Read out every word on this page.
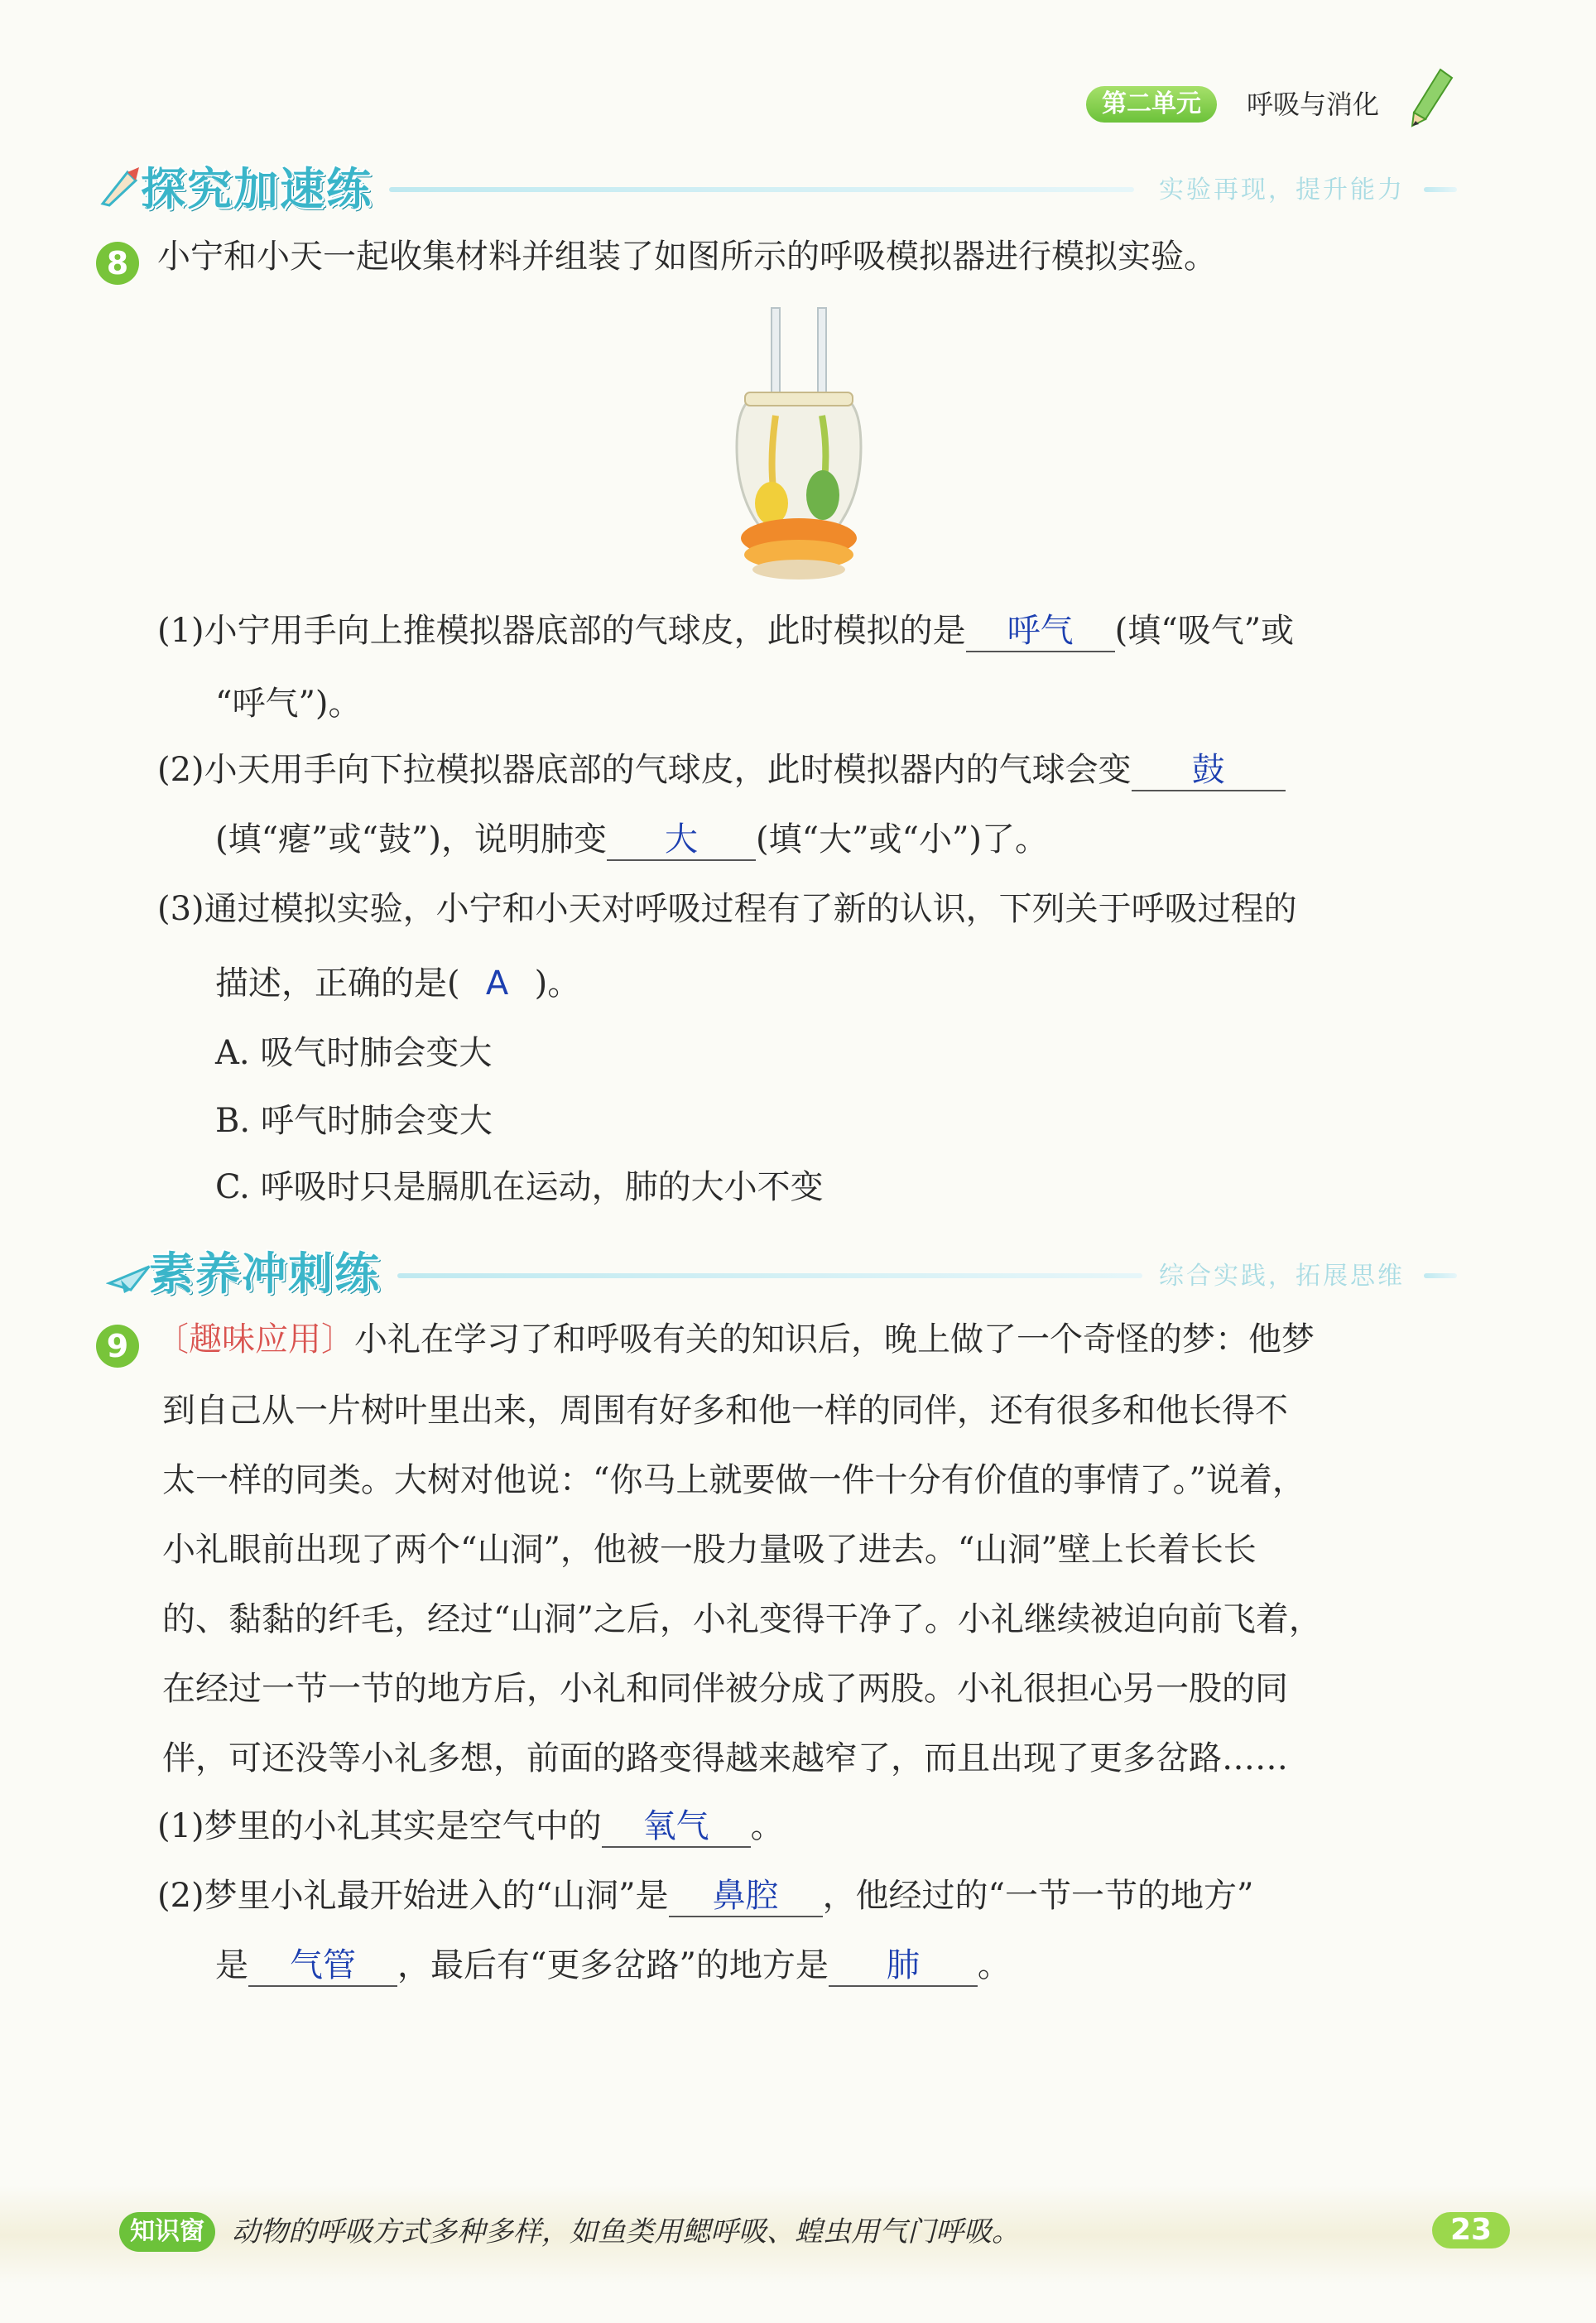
第二单元	呼吸与消化
探究加速练	实验再现，提升能力
8 小宁和小天一起收集材料并组装了如图所示的呼吸模拟器进行模拟实验。
(1)小宁用手向上推模拟器底部的气球皮，此时模拟的是 呼气 (填“吸气”或
“呼气”)。
(2)小天用手向下拉模拟器底部的气球皮，此时模拟器内的气球会变 鼓
(填“瘪”或“鼓”)，说明肺变 大 (填“大”或“小”)了。
(3)通过模拟实验，小宁和小天对呼吸过程有了新的认识，下列关于呼吸过程的
描述，正确的是( A )。
A. 吸气时肺会变大
B. 呼气时肺会变大
C. 呼吸时只是膈肌在运动，肺的大小不变
素养冲刺练	综合实践，拓展思维
9 〔趣味应用〕小礼在学习了和呼吸有关的知识后，晚上做了一个奇怪的梦：他梦
到自己从一片树叶里出来，周围有好多和他一样的同伴，还有很多和他长得不
太一样的同类。大树对他说：“你马上就要做一件十分有价值的事情了。”说着，
小礼眼前出现了两个“山洞”，他被一股力量吸了进去。“山洞”壁上长着长长
的、黏黏的纤毛，经过“山洞”之后，小礼变得干净了。小礼继续被迫向前飞着，
在经过一节一节的地方后，小礼和同伴被分成了两股。小礼很担心另一股的同
伴，可还没等小礼多想，前面的路变得越来越窄了，而且出现了更多岔路……
(1)梦里的小礼其实是空气中的 氧气 。
(2)梦里小礼最开始进入的“山洞”是 鼻腔 ，他经过的“一节一节的地方”
是 气管 ，最后有“更多岔路”的地方是 肺 。
知识窗 动物的呼吸方式多种多样，如鱼类用鳃呼吸、蝗虫用气门呼吸。	23
